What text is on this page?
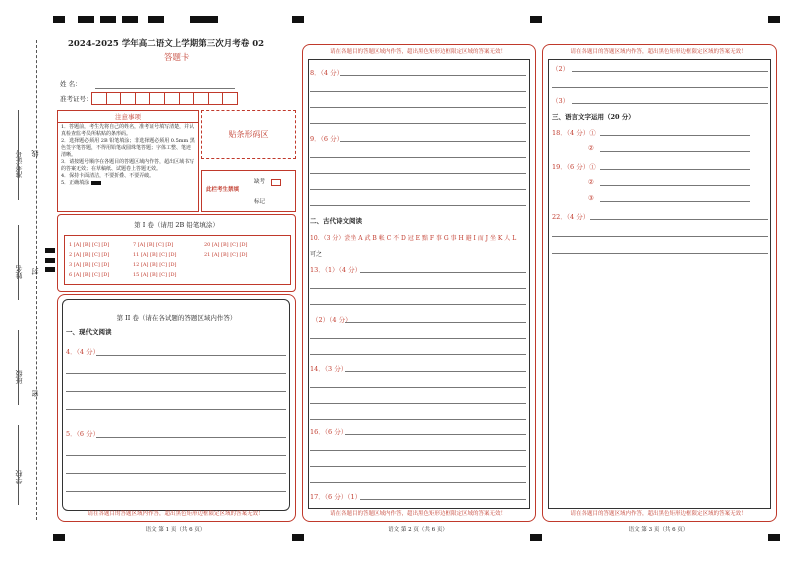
准考证号 线
姓名 封
班级
密
学校
2024-2025 学年高二语文上学期第三次月考卷 02
答题卡
姓 名：
准考证号：
注意事项
1．答题前，考生先将自己的姓名，准考证号填写清楚，并认真检查监考员所粘贴的条形码。
2．选择题必须用 2B 铅笔填涂；非选择题必须用 0.5mm 黑色签字笔答题，不得用铅笔或圆珠笔答题；字体工整、笔迹清晰。
3．请按题号顺序在各题目的答题区域内作答，超出区域书写的答案无效；在草稿纸、试题卷上答题无效。
4．保持卡面清洁，不要折叠、不要弄破。
5．正确填涂
贴条形码区
此栏考生禁填
缺考
标记
第 I 卷（请用 2B 铅笔填涂）
1 [A] [B] [C] [D]
2 [A] [B] [C] [D]
3 [A] [B] [C] [D]
6 [A] [B] [C] [D]
7 [A] [B] [C] [D]
11 [A] [B] [C] [D]
12 [A] [B] [C] [D]
15 [A] [B] [C] [D]
20 [A] [B] [C] [D]
21 [A] [B] [C] [D]
第 II 卷（请在各试题的答题区域内作答）
一、现代文阅读
4．（4 分）
5．（6 分）
请在各题目的答题区域内作答，超出黑色矩形边框限定区域的答案无效！
语文 第 1 页（共 6 页）
请在各题目的答题区域内作答，超出黑色矩形边框限定区域的答案无效！
8．（4 分）
9．（6 分）
二、古代诗文阅读
10．（3 分）尝坐 A 武 B 帐 C 不 D 冠 E 黯 F 事 G 事 H 避 I 而 J 坐 K 人 L
可之
13．（1）（4 分）
（2）（4 分）
14．（3 分）
16．（6 分）
17．（6 分）（1）
请在各题目的答题区域内作答，超出黑色矩形边框限定区域的答案无效！
语文 第 2 页（共 6 页）
请在各题目的答题区域内作答，超出黑色矩形边框限定区域的答案无效！
（2）
（3）
三、语言文字运用（20 分）
18．（4 分）①
②
19．（6 分）①
②
③
22．（4 分）
请在各题目的答题区域内作答，超出黑色矩形边框限定区域的答案无效！
语文 第 3 页（共 6 页）
